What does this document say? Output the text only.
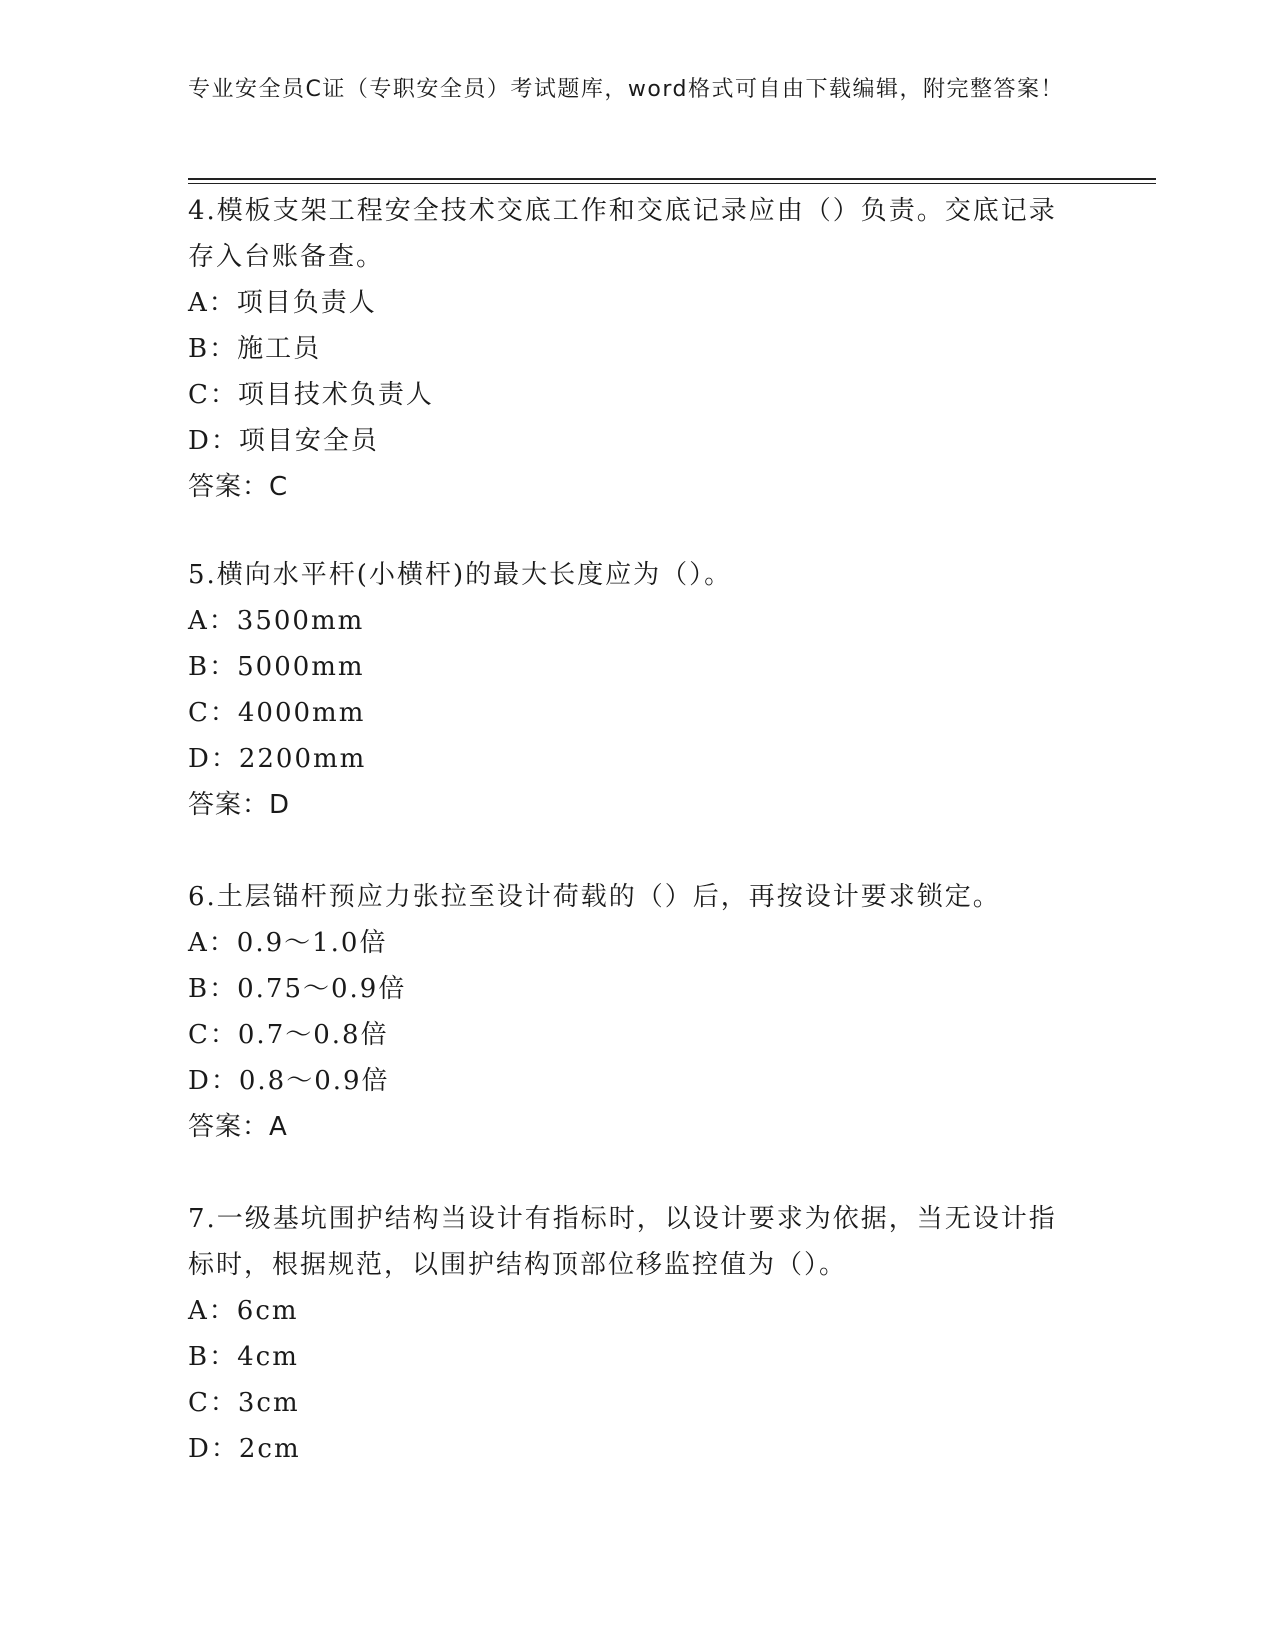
专业安全员C证（专职安全员）考试题库，word格式可自由下载编辑，附完整答案！

4.模板支架工程安全技术交底工作和交底记录应由（）负责。交底记录存入台账备查。

A：项目负责人

B：施工员

C：项目技术负责人

D：项目安全员

答案：C

5.横向水平杆(小横杆)的最大长度应为（）。

A：3500mm

B：5000mm

C：4000mm

D：2200mm

答案：D

6.土层锚杆预应力张拉至设计荷载的（）后，再按设计要求锁定。

A：0.9～1.0倍

B：0.75～0.9倍

C：0.7～0.8倍

D：0.8～0.9倍

答案：A

7.一级基坑围护结构当设计有指标时，以设计要求为依据，当无设计指标时，根据规范，以围护结构顶部位移监控值为（）。

A：6cm

B：4cm

C：3cm

D：2cm
